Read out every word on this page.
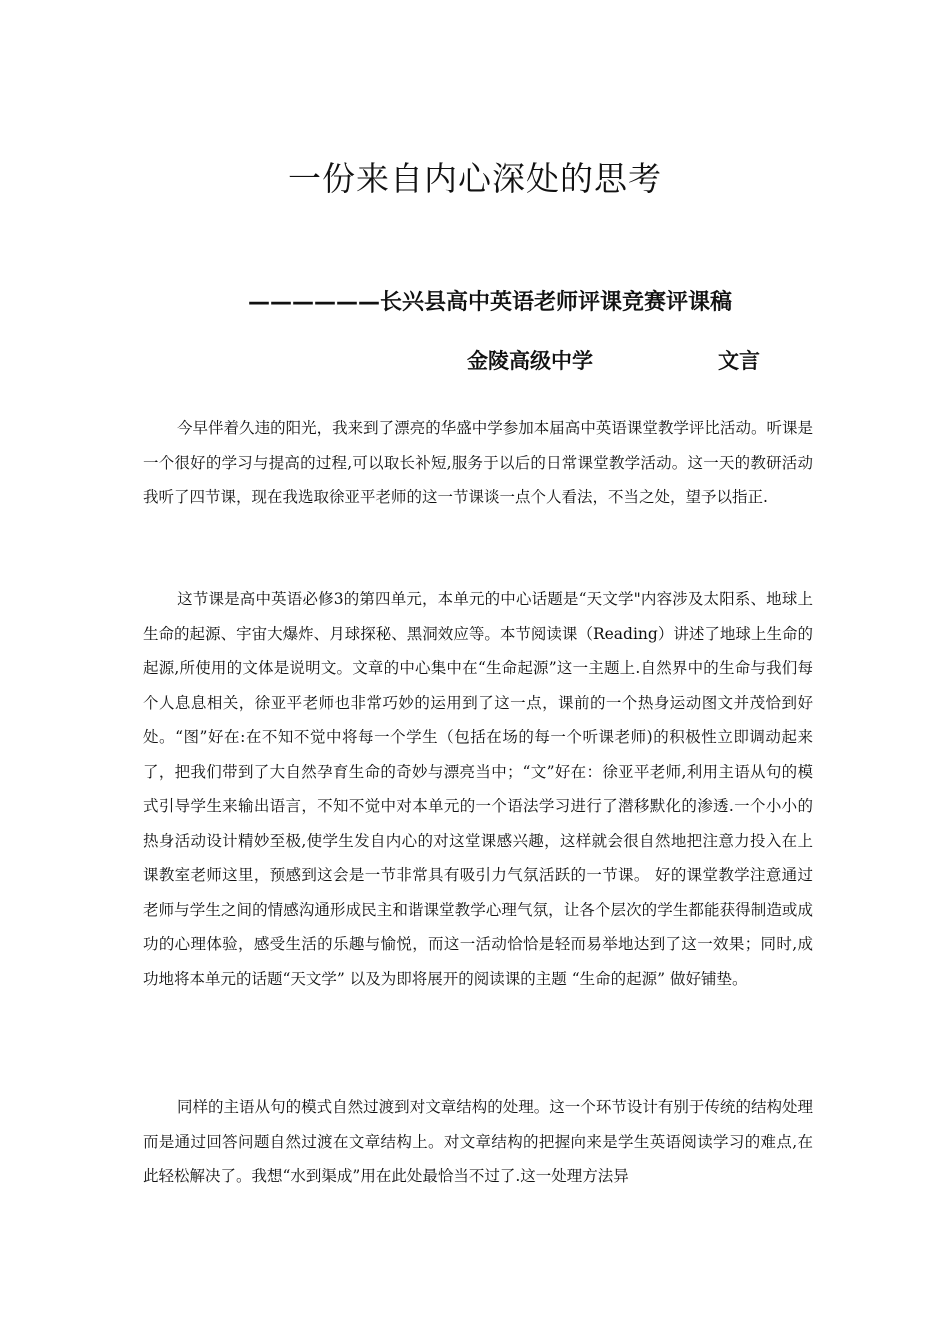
一份来自内心深处的思考
——————长兴县高中英语老师评课竞赛评课稿
金陵高级中学	文言

今早伴着久违的阳光，我来到了漂亮的华盛中学参加本届高中英语课堂教学评比活动。听课是一个很好的学习与提高的过程,可以取长补短,服务于以后的日常课堂教学活动。这一天的教研活动我听了四节课，现在我选取徐亚平老师的这一节课谈一点个人看法，不当之处，望予以指正.

这节课是高中英语必修3的第四单元，本单元的中心话题是“天文学"内容涉及太阳系、地球上生命的起源、宇宙大爆炸、月球探秘、黑洞效应等。本节阅读课（Reading）讲述了地球上生命的起源,所使用的文体是说明文。文章的中心集中在“生命起源”这一主题上.自然界中的生命与我们每个人息息相关，徐亚平老师也非常巧妙的运用到了这一点，课前的一个热身运动图文并茂恰到好处。“图”好在:在不知不觉中将每一个学生（包括在场的每一个听课老师)的积极性立即调动起来了，把我们带到了大自然孕育生命的奇妙与漂亮当中；“文”好在：徐亚平老师,利用主语从句的模式引导学生来输出语言，不知不觉中对本单元的一个语法学习进行了潜移默化的渗透.一个小小的热身活动设计精妙至极,使学生发自内心的对这堂课感兴趣，这样就会很自然地把注意力投入在上课教室老师这里，预感到这会是一节非常具有吸引力气氛活跃的一节课。 好的课堂教学注意通过老师与学生之间的情感沟通形成民主和谐课堂教学心理气氛，让各个层次的学生都能获得制造或成功的心理体验，感受生活的乐趣与愉悦，而这一活动恰恰是轻而易举地达到了这一效果；同时,成功地将本单元的话题“天文学” 以及为即将展开的阅读课的主题 “生命的起源” 做好铺垫。

同样的主语从句的模式自然过渡到对文章结构的处理。这一个环节设计有别于传统的结构处理而是通过回答问题自然过渡在文章结构上。对文章结构的把握向来是学生英语阅读学习的难点,在此轻松解决了。我想“水到渠成”用在此处最恰当不过了.这一处理方法异
